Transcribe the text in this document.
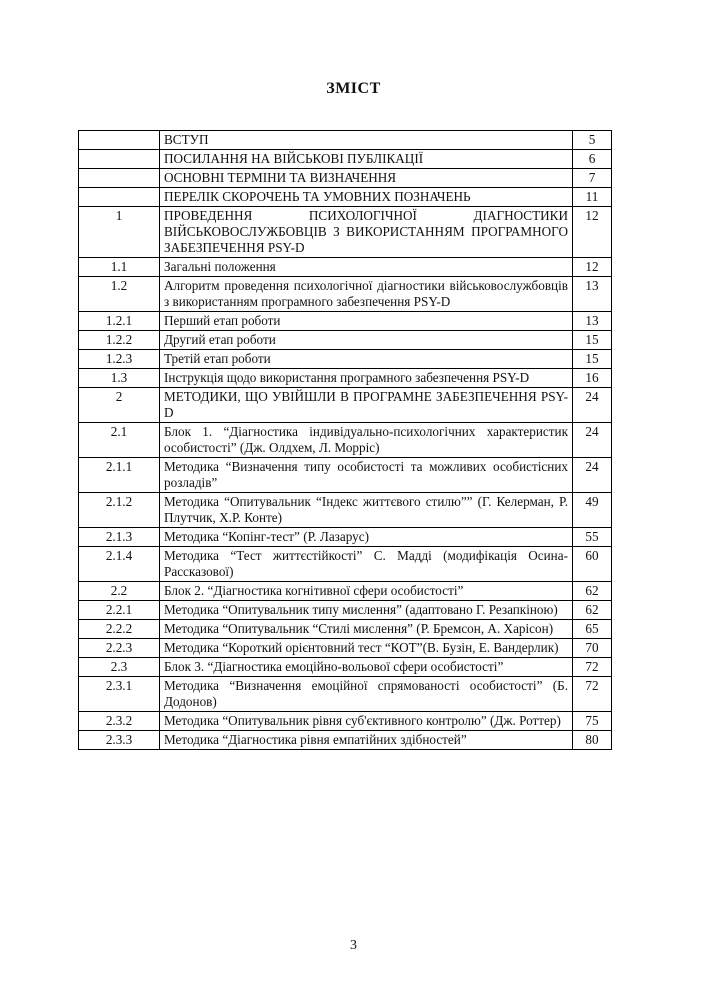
ЗМІСТ
	ВСТУП	5
	ПОСИЛАННЯ НА ВІЙСЬКОВІ ПУБЛІКАЦІЇ	6
	ОСНОВНІ ТЕРМІНИ ТА ВИЗНАЧЕННЯ	7
	ПЕРЕЛІК СКОРОЧЕНЬ ТА УМОВНИХ ПОЗНАЧЕНЬ	11
1	ПРОВЕДЕННЯ ПСИХОЛОГІЧНОЇ ДІАГНОСТИКИ ВІЙСЬКОВОСЛУЖБОВЦІВ З ВИКОРИСТАННЯМ ПРОГРАМНОГО ЗАБЕЗПЕЧЕННЯ PSY-D	12
1.1	Загальні положення	12
1.2	Алгоритм проведення психологічної діагностики військовослужбовців з використанням програмного забезпечення PSY-D	13
1.2.1	Перший етап роботи	13
1.2.2	Другий етап роботи	15
1.2.3	Третій етап роботи	15
1.3	Інструкція щодо використання програмного забезпечення PSY-D	16
2	МЕТОДИКИ, ЩО УВІЙШЛИ В ПРОГРАМНЕ ЗАБЕЗПЕЧЕННЯ PSY-D	24
2.1	Блок 1. “Діагностика індивідуально-психологічних характеристик особистості” (Дж. Олдхем, Л. Морріс)	24
2.1.1	Методика “Визначення типу особистості та можливих особистісних розладів”	24
2.1.2	Методика “Опитувальник “Індекс життєвого стилю”” (Г. Келерман, Р. Плутчик, Х.Р. Конте)	49
2.1.3	Методика “Копінг-тест” (Р. Лазарус)	55
2.1.4	Методика “Тест життєстійкості” С. Мадді (модифікація Осина-Рассказової)	60
2.2	Блок 2. “Діагностика когнітивної сфери особистості”	62
2.2.1	Методика “Опитувальник типу мислення” (адаптовано Г. Резапкіною)	62
2.2.2	Методика “Опитувальник “Стилі мислення” (Р. Бремсон, А. Харісон)	65
2.2.3	Методика “Короткий орієнтовний тест “КОТ”(В. Бузін, Е. Вандерлик)	70
2.3	Блок 3. “Діагностика емоційно-вольової сфери особистості”	72
2.3.1	Методика “Визначення емоційної спрямованості особистості” (Б. Додонов)	72
2.3.2	Методика “Опитувальник рівня суб'єктивного контролю” (Дж. Роттер)	75
2.3.3	Методика “Діагностика рівня емпатійних здібностей”	80
3
